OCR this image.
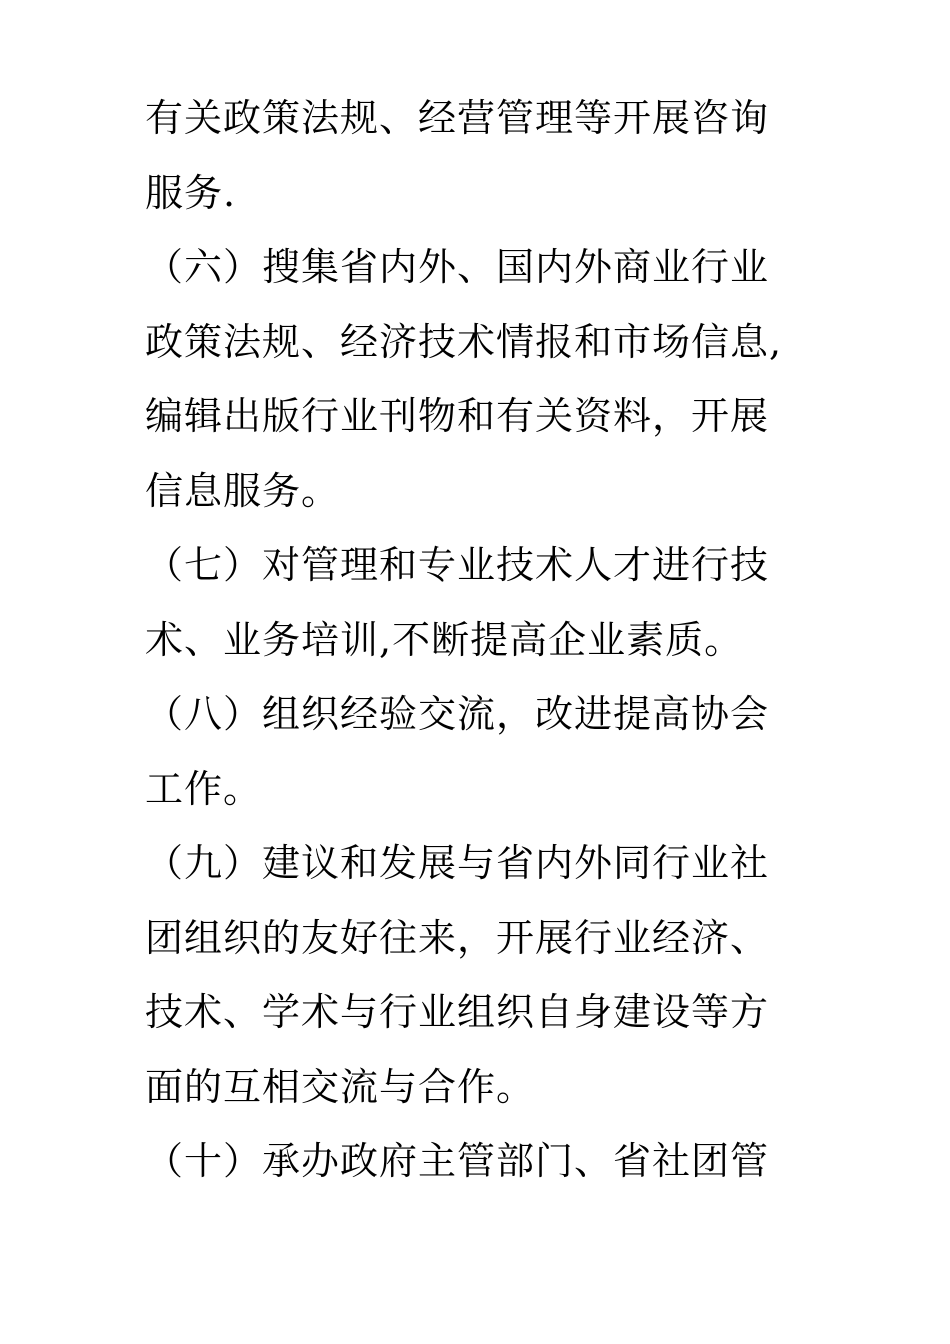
有关政策法规、经营管理等开展咨询
服务.
（六）搜集省内外、国内外商业行业
政策法规、经济技术情报和市场信息,
编辑出版行业刊物和有关资料，开展
信息服务。
（七）对管理和专业技术人才进行技
术、业务培训,不断提高企业素质。
（八）组织经验交流，改进提高协会
工作。
（九）建议和发展与省内外同行业社
团组织的友好往来，开展行业经济、
技术、学术与行业组织自身建设等方
面的互相交流与合作。
（十）承办政府主管部门、省社团管
